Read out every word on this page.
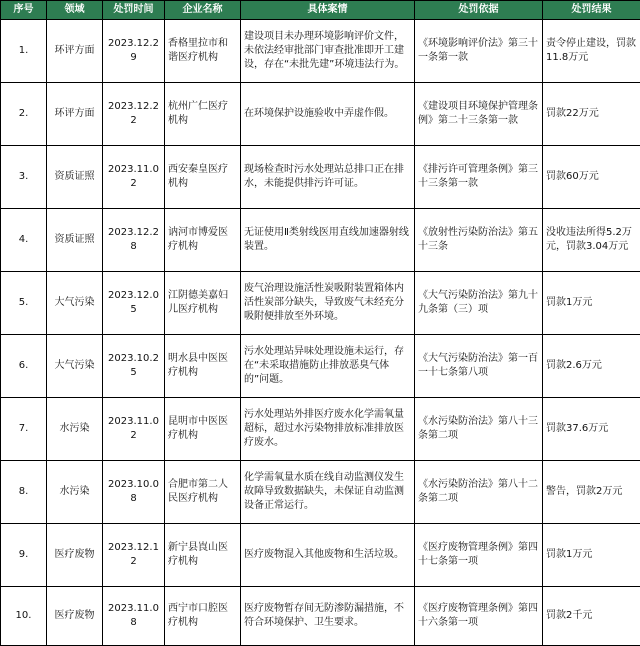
序号	领域	处罚时间	企业名称	具体案情	处罚依据	处罚结果
1.	环评方面	2023.12.29	香格里拉市和谐医疗机构	建设项目未办理环境影响评价文件，未依法经审批部门审查批准即开工建设，存在“未批先建”环境违法行为。	《环境影响评价法》第三十一条第一款	责令停止建设，罚款11.8万元
2.	环评方面	2023.12.22	杭州广仁医疗机构	在环境保护设施验收中弄虚作假。	《建设项目环境保护管理条例》第二十三条第一款	罚款22万元
3.	资质证照	2023.11.02	西安秦皇医疗机构	现场检查时污水处理站总排口正在排水，未能提供排污许可证。	《排污许可管理条例》第三十三条第一款	罚款60万元
4.	资质证照	2023.12.28	讷河市博爱医疗机构	无证使用Ⅱ类射线医用直线加速器射线装置。	《放射性污染防治法》第五十三条	没收违法所得5.2万元，罚款3.04万元
5.	大气污染	2023.12.05	江阴德美嘉妇儿医疗机构	废气治理设施活性炭吸附装置箱体内活性炭部分缺失，导致废气未经充分吸附便排放至外环境。	《大气污染防治法》第九十九条第（三）项	罚款1万元
6.	大气污染	2023.10.25	明水县中医医疗机构	污水处理站异味处理设施未运行，存在“未采取措施防止排放恶臭气体的”问题。	《大气污染防治法》第一百一十七条第八项	罚款2.6万元
7.	水污染	2023.11.02	昆明市中医医疗机构	污水处理站外排医疗废水化学需氧量超标，超过水污染物排放标准排放医疗废水。	《水污染防治法》第八十三条第二项	罚款37.6万元
8.	水污染	2023.10.08	合肥市第二人民医疗机构	化学需氧量水质在线自动监测仪发生故障导致数据缺失，未保证自动监测设备正常运行。	《水污染防治法》第八十二条第二项	警告，罚款2万元
9.	医疗废物	2023.12.12	新宁县崀山医疗机构	医疗废物混入其他废物和生活垃圾。	《医疗废物管理条例》第四十七条第一项	罚款1万元
10.	医疗废物	2023.11.08	西宁市口腔医疗机构	医疗废物暂存间无防渗防漏措施，不符合环境保护、卫生要求。	《医疗废物管理条例》第四十六条第一项	罚款2千元
